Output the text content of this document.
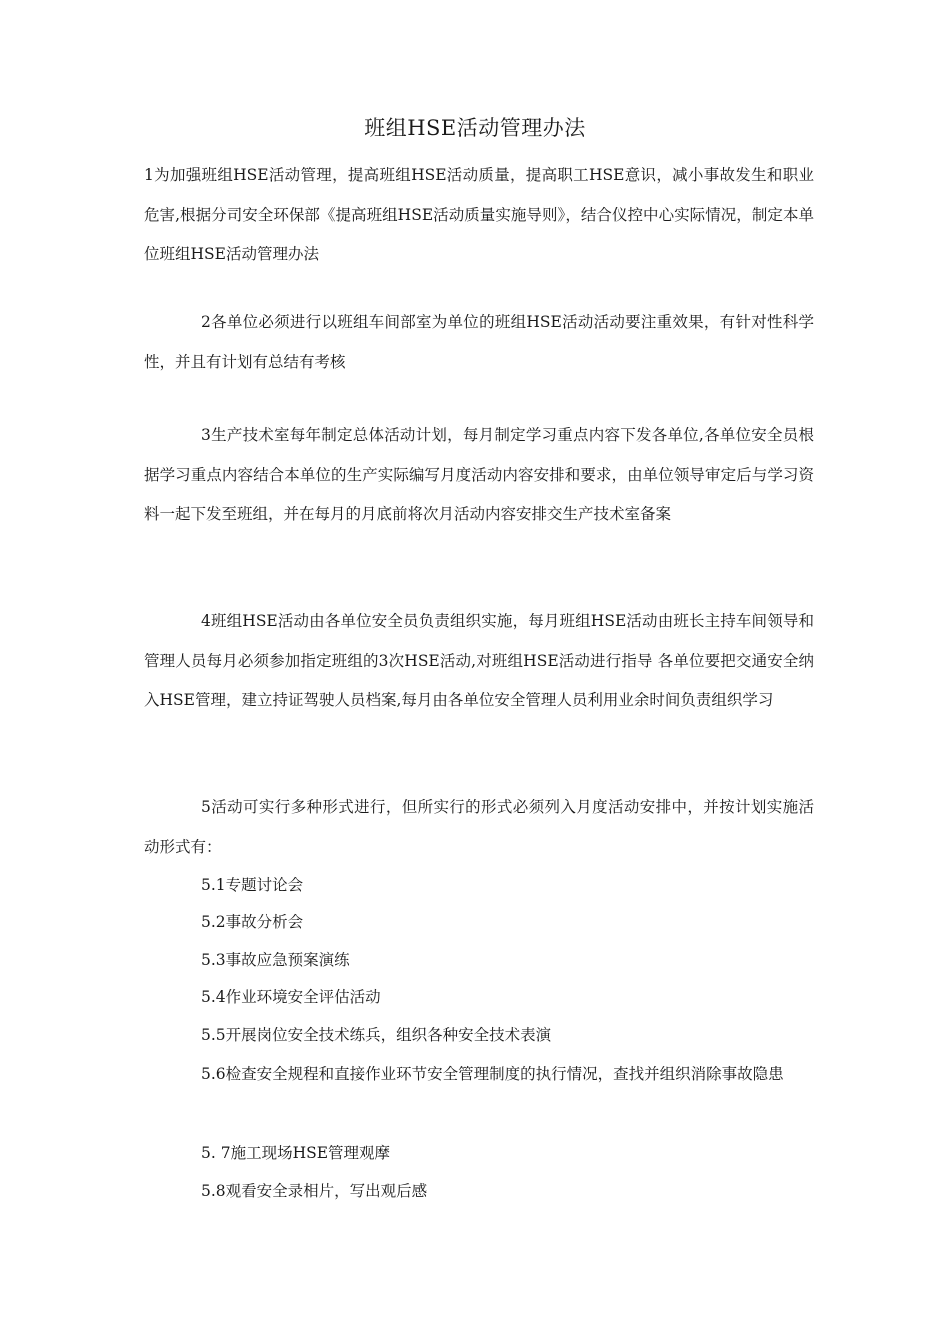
班组HSE活动管理办法

1为加强班组HSE活动管理，提高班组HSE活动质量，提高职工HSE意识，减小事故发生和职业危害,根据分司安全环保部《提高班组HSE活动质量实施导则》，结合仪控中心实际情况，制定本单位班组HSE活动管理办法

2各单位必须进行以班组车间部室为单位的班组HSE活动活动要注重效果，有针对性科学性，并且有计划有总结有考核

3生产技术室每年制定总体活动计划，每月制定学习重点内容下发各单位,各单位安全员根据学习重点内容结合本单位的生产实际编写月度活动内容安排和要求，由单位领导审定后与学习资料一起下发至班组，并在每月的月底前将次月活动内容安排交生产技术室备案

4班组HSE活动由各单位安全员负责组织实施，每月班组HSE活动由班长主持车间领导和管理人员每月必须参加指定班组的3次HSE活动,对班组HSE活动进行指导 各单位要把交通安全纳入HSE管理，建立持证驾驶人员档案,每月由各单位安全管理人员利用业余时间负责组织学习

5活动可实行多种形式进行，但所实行的形式必须列入月度活动安排中，并按计划实施活动形式有：

5.1专题讨论会

5.2事故分析会

5.3事故应急预案演练

5.4作业环境安全评估活动

5.5开展岗位安全技术练兵，组织各种安全技术表演

5.6检查安全规程和直接作业环节安全管理制度的执行情况，查找并组织消除事故隐患

5. 7施工现场HSE管理观摩

5.8观看安全录相片，写出观后感
